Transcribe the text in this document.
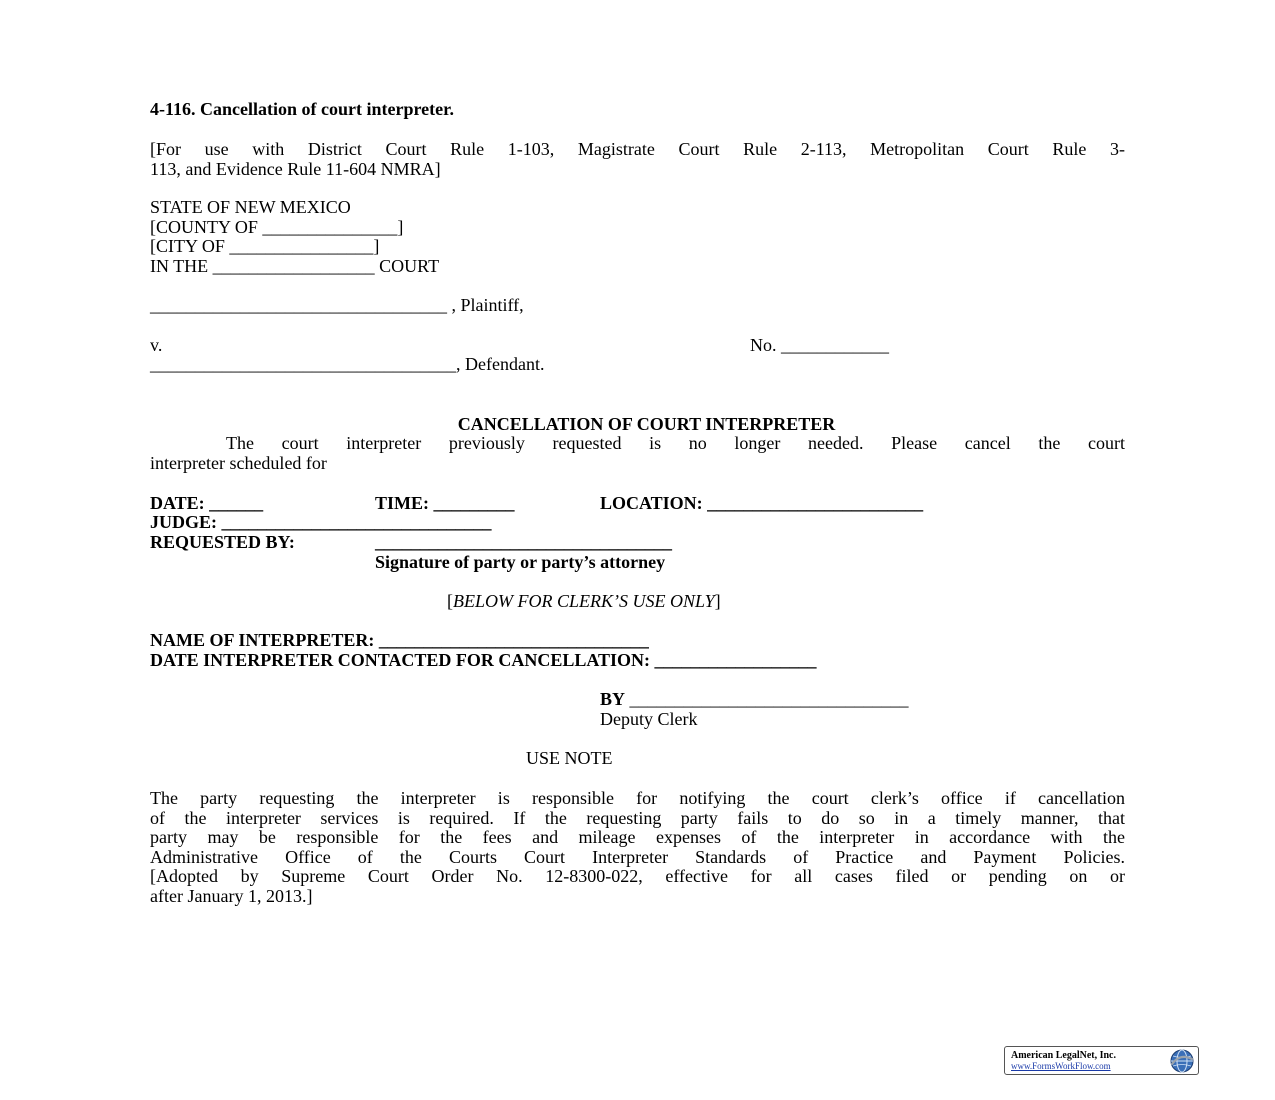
4-116. Cancellation of court interpreter.
[For use with District Court Rule 1-103, Magistrate Court Rule 2-113, Metropolitan Court Rule 3-
113, and Evidence Rule 11-604 NMRA]
STATE OF NEW MEXICO
[COUNTY OF _______________]
[CITY OF ________________]
IN THE __________________ COURT
_________________________________ , Plaintiff,
v.	No. ____________
__________________________________, Defendant.

CANCELLATION OF COURT INTERPRETER

The court interpreter previously requested is no longer needed. Please cancel the court
interpreter scheduled for
DATE: ______	TIME: _________	LOCATION: ________________________
JUDGE: ______________________________
REQUESTED BY:	_________________________________
Signature of party or party’s attorney
[BELOW FOR CLERK’S USE ONLY]
NAME OF INTERPRETER: ______________________________
DATE INTERPRETER CONTACTED FOR CANCELLATION: __________________
BY _______________________________
Deputy Clerk
USE NOTE
The party requesting the interpreter is responsible for notifying the court clerk’s office if cancellation
of the interpreter services is required. If the requesting party fails to do so in a timely manner, that
party may be responsible for the fees and mileage expenses of the interpreter in accordance with the
Administrative Office of the Courts Court Interpreter Standards of Practice and Payment Policies.
[Adopted by Supreme Court Order No. 12-8300-022, effective for all cases filed or pending on or
after January 1, 2013.]
American LegalNet, Inc.
www.FormsWorkFlow.com
